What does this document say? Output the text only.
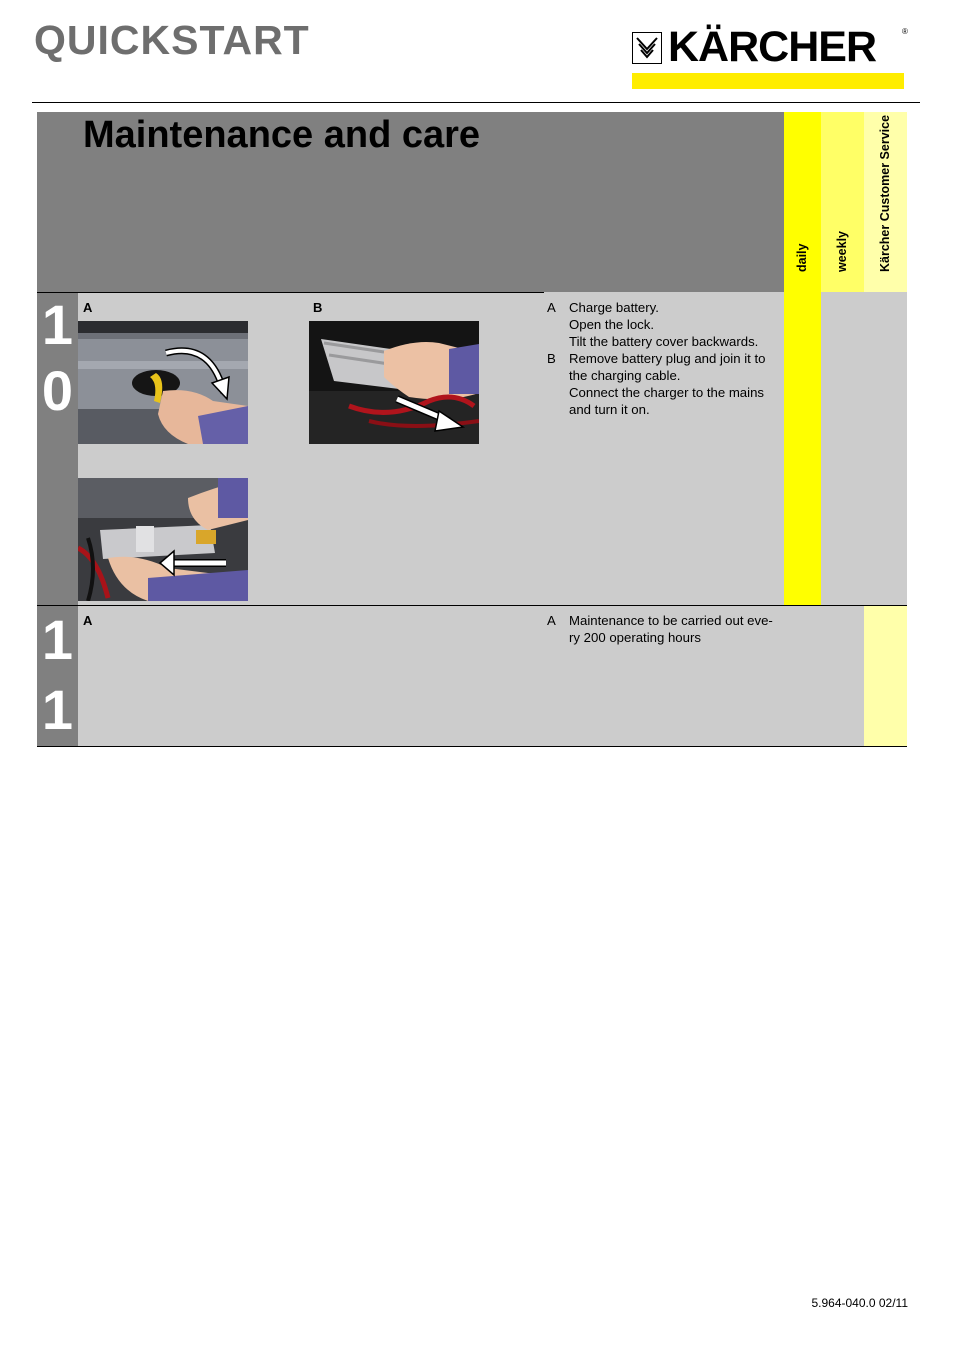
QUICKSTART	KÄRCHER	®
Maintenance and care
daily weekly Kärcher Customer Service
1
0
A	B	A	Charge battery.
Open the lock.
Tilt the battery cover backwards.
B	Remove battery plug and join it to
the charging cable.
Connect the charger to the mains
and turn it on.
1
1
A	A	Maintenance to be carried out eve-
ry 200 operating hours
5.964-040.0 02/11
